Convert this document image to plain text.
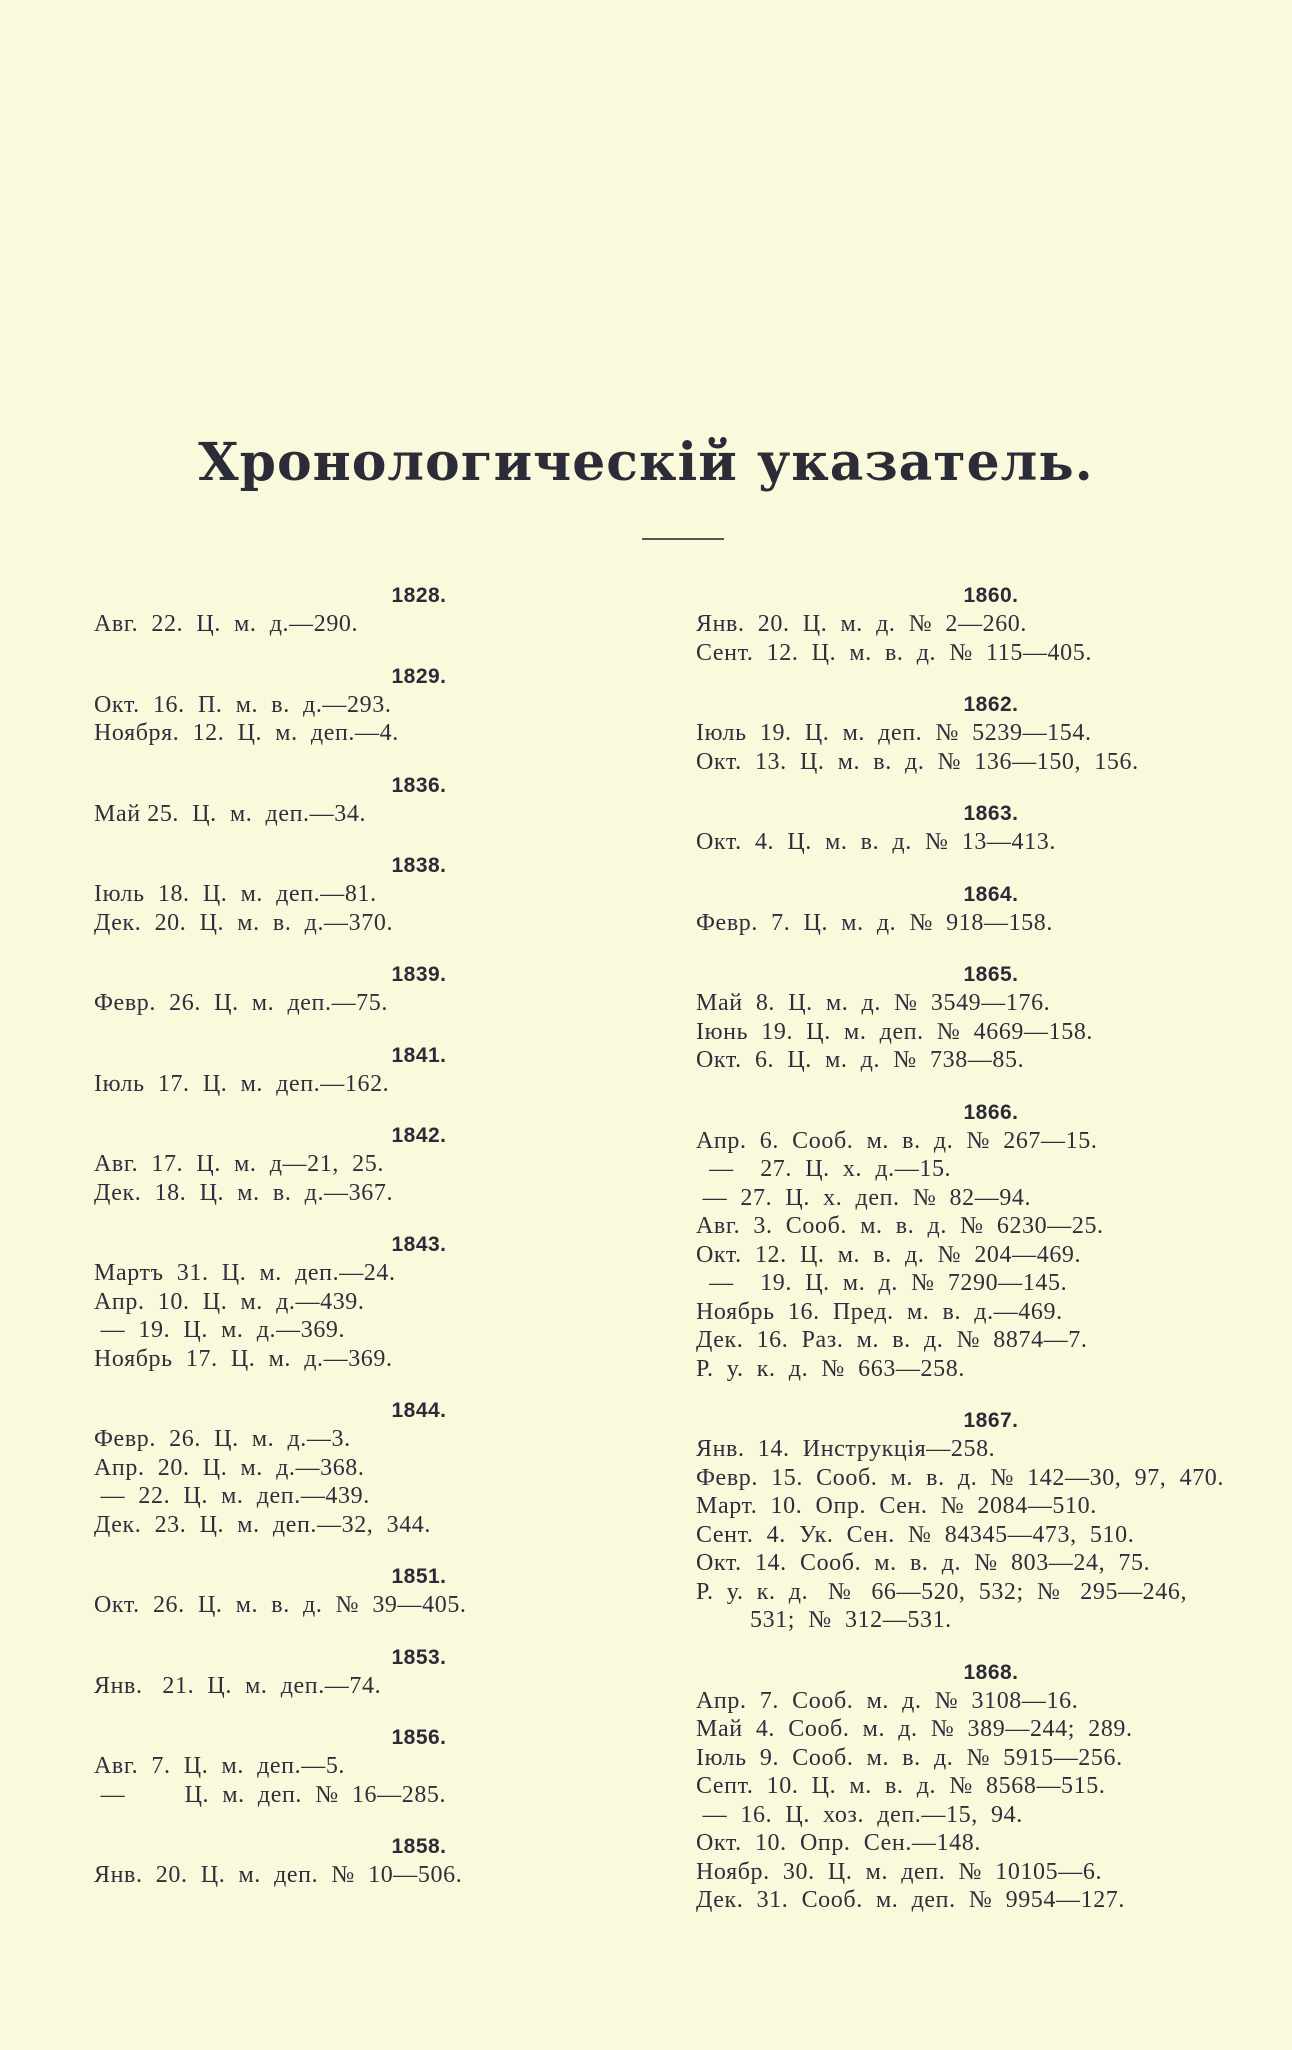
Хронологическій указатель.
1828.
Авг.  22.  Ц.  м.  д.—290.
1829.
Окт.  16.  П.  м.  в.  д.—293.
Ноября.  12.  Ц.  м.  деп.—4.
1836.
Май 25.  Ц.  м.  деп.—34.
1838.
Іюль  18.  Ц.  м.  деп.—81.
Дек.  20.  Ц.  м.  в.  д.—370.
1839.
Февр.  26.  Ц.  м.  деп.—75.
1841.
Іюль  17.  Ц.  м.  деп.—162.
1842.
Авг.  17.  Ц.  м.  д—21,  25.
Дек.  18.  Ц.  м.  в.  д.—367.
1843.
Мартъ  31.  Ц.  м.  деп.—24.
Апр.  10.  Ц.  м.  д.—439.
—  19.  Ц.  м.  д.—369.
Ноябрь  17.  Ц.  м.  д.—369.
1844.
Февр.  26.  Ц.  м.  д.—3.
Апр.  20.  Ц.  м.  д.—368.
—  22.  Ц.  м.  деп.—439.
Дек.  23.  Ц.  м.  деп.—32,  344.
1851.
Окт.  26.  Ц.  м.  в.  д.  №  39—405.
1853.
Янв.   21.  Ц.  м.  деп.—74.
1856.
Авг.  7.  Ц.  м.  деп.—5.
—         Ц.  м.  деп.  №  16—285.
1858.
Янв.  20.  Ц.  м.  деп.  №  10—506.
1860.
Янв.  20.  Ц.  м.  д.  №  2—260.
Сент.  12.  Ц.  м.  в.  д.  №  115—405.
1862.
Іюль  19.  Ц.  м.  деп.  №  5239—154.
Окт.  13.  Ц.  м.  в.  д.  №  136—150,  156.
1863.
Окт.  4.  Ц.  м.  в.  д.  №  13—413.
1864.
Февр.  7.  Ц.  м.  д.  №  918—158.
1865.
Май  8.  Ц.  м.  д.  №  3549—176.
Іюнь  19.  Ц.  м.  деп.  №  4669—158.
Окт.  6.  Ц.  м.  д.  №  738—85.
1866.
Апр.  6.  Сооб.  м.  в.  д.  №  267—15.
—    27.  Ц.  х.  д.—15.
—  27.  Ц.  х.  деп.  №  82—94.
Авг.  3.  Сооб.  м.  в.  д.  №  6230—25.
Окт.  12.  Ц.  м.  в.  д.  №  204—469.
—    19.  Ц.  м.  д.  №  7290—145.
Ноябрь  16.  Пред.  м.  в.  д.—469.
Дек.  16.  Раз.  м.  в.  д.  №  8874—7.
Р.  у.  к.  д.  №  663—258.
1867.
Янв.  14.  Инструкція—258.
Февр.  15.  Сооб.  м.  в.  д.  №  142—30,  97,  470.
Март.  10.  Опр.  Сен.  №  2084—510.
Сент.  4.  Ук.  Сен.  №  84345—473,  510.
Окт.  14.  Сооб.  м.  в.  д.  №  803—24,  75.
Р.  у.  к.  д.   №   66—520,  532;  №   295—246,
531;  №  312—531.
1868.
Апр.  7.  Сооб.  м.  д.  №  3108—16.
Май  4.  Сооб.  м.  д.  №  389—244;  289.
Іюль  9.  Сооб.  м.  в.  д.  №  5915—256.
Септ.  10.  Ц.  м.  в.  д.  №  8568—515.
—  16.  Ц.  хоз.  деп.—15,  94.
Окт.  10.  Опр.  Сен.—148.
Ноябр.  30.  Ц.  м.  деп.  №  10105—6.
Дек.  31.  Сооб.  м.  деп.  №  9954—127.
